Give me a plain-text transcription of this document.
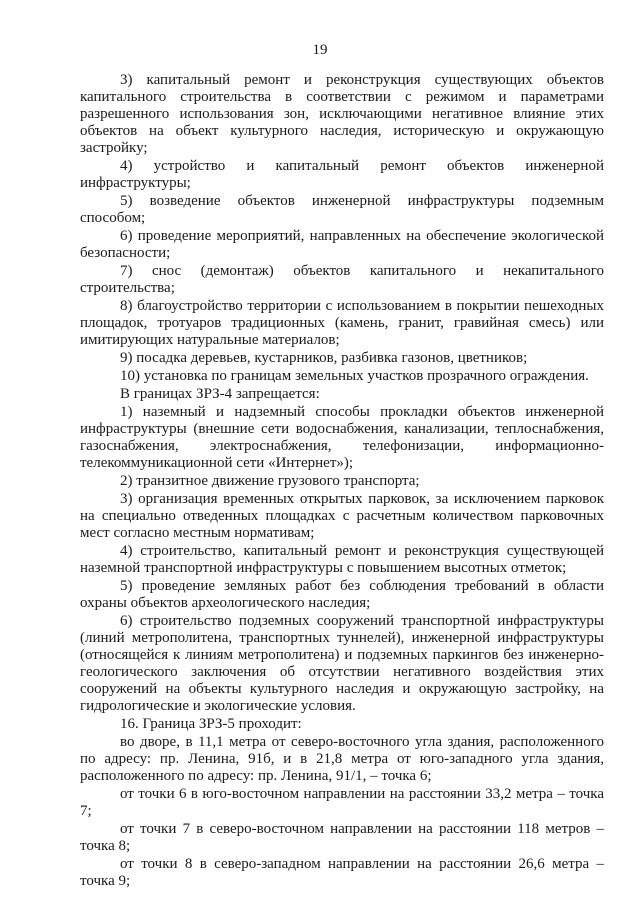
19

3) капитальный ремонт и реконструкция существующих объектов капитального строительства в соответствии с режимом и параметрами разрешенного использования зон, исключающими негативное влияние этих объектов на объект культурного наследия, историческую и окружающую застройку;

4) устройство и капитальный ремонт объектов инженерной инфраструктуры;

5) возведение объектов инженерной инфраструктуры подземным способом;

6) проведение мероприятий, направленных на обеспечение экологической безопасности;

7) снос (демонтаж) объектов капитального и некапитального строительства;

8) благоустройство территории с использованием в покрытии пешеходных площадок, тротуаров традиционных (камень, гранит, гравийная смесь) или имитирующих натуральные материалов;

9) посадка деревьев, кустарников, разбивка газонов, цветников;

10) установка по границам земельных участков прозрачного ограждения.

В границах ЗРЗ-4 запрещается:

1) наземный и надземный способы прокладки объектов инженерной инфраструктуры (внешние сети водоснабжения, канализации, теплоснабжения, газоснабжения, электроснабжения, телефонизации, информационно-телекоммуникационной сети «Интернет»);

2) транзитное движение грузового транспорта;

3) организация временных открытых парковок, за исключением парковок на специально отведенных площадках с расчетным количеством парковочных мест согласно местным нормативам;

4) строительство, капитальный ремонт и реконструкция существующей наземной транспортной инфраструктуры с повышением высотных отметок;

5) проведение земляных работ без соблюдения требований в области охраны объектов археологического наследия;

6) строительство подземных сооружений транспортной инфраструктуры (линий метрополитена, транспортных туннелей), инженерной инфраструктуры (относящейся к линиям метрополитена) и подземных паркингов без инженерно-геологического заключения об отсутствии негативного воздействия этих сооружений на объекты культурного наследия и окружающую застройку, на гидрологические и экологические условия.

16. Граница ЗРЗ-5 проходит:

во дворе, в 11,1 метра от северо-восточного угла здания, расположенного по адресу: пр. Ленина, 91б, и в 21,8 метра от юго-западного угла здания, расположенного по адресу: пр. Ленина, 91/1, – точка 6;

от точки 6 в юго-восточном направлении на расстоянии 33,2 метра – точка 7;

от точки 7 в северо-восточном направлении на расстоянии 118 метров – точка 8;

от точки 8 в северо-западном направлении на расстоянии 26,6 метра – точка 9;
